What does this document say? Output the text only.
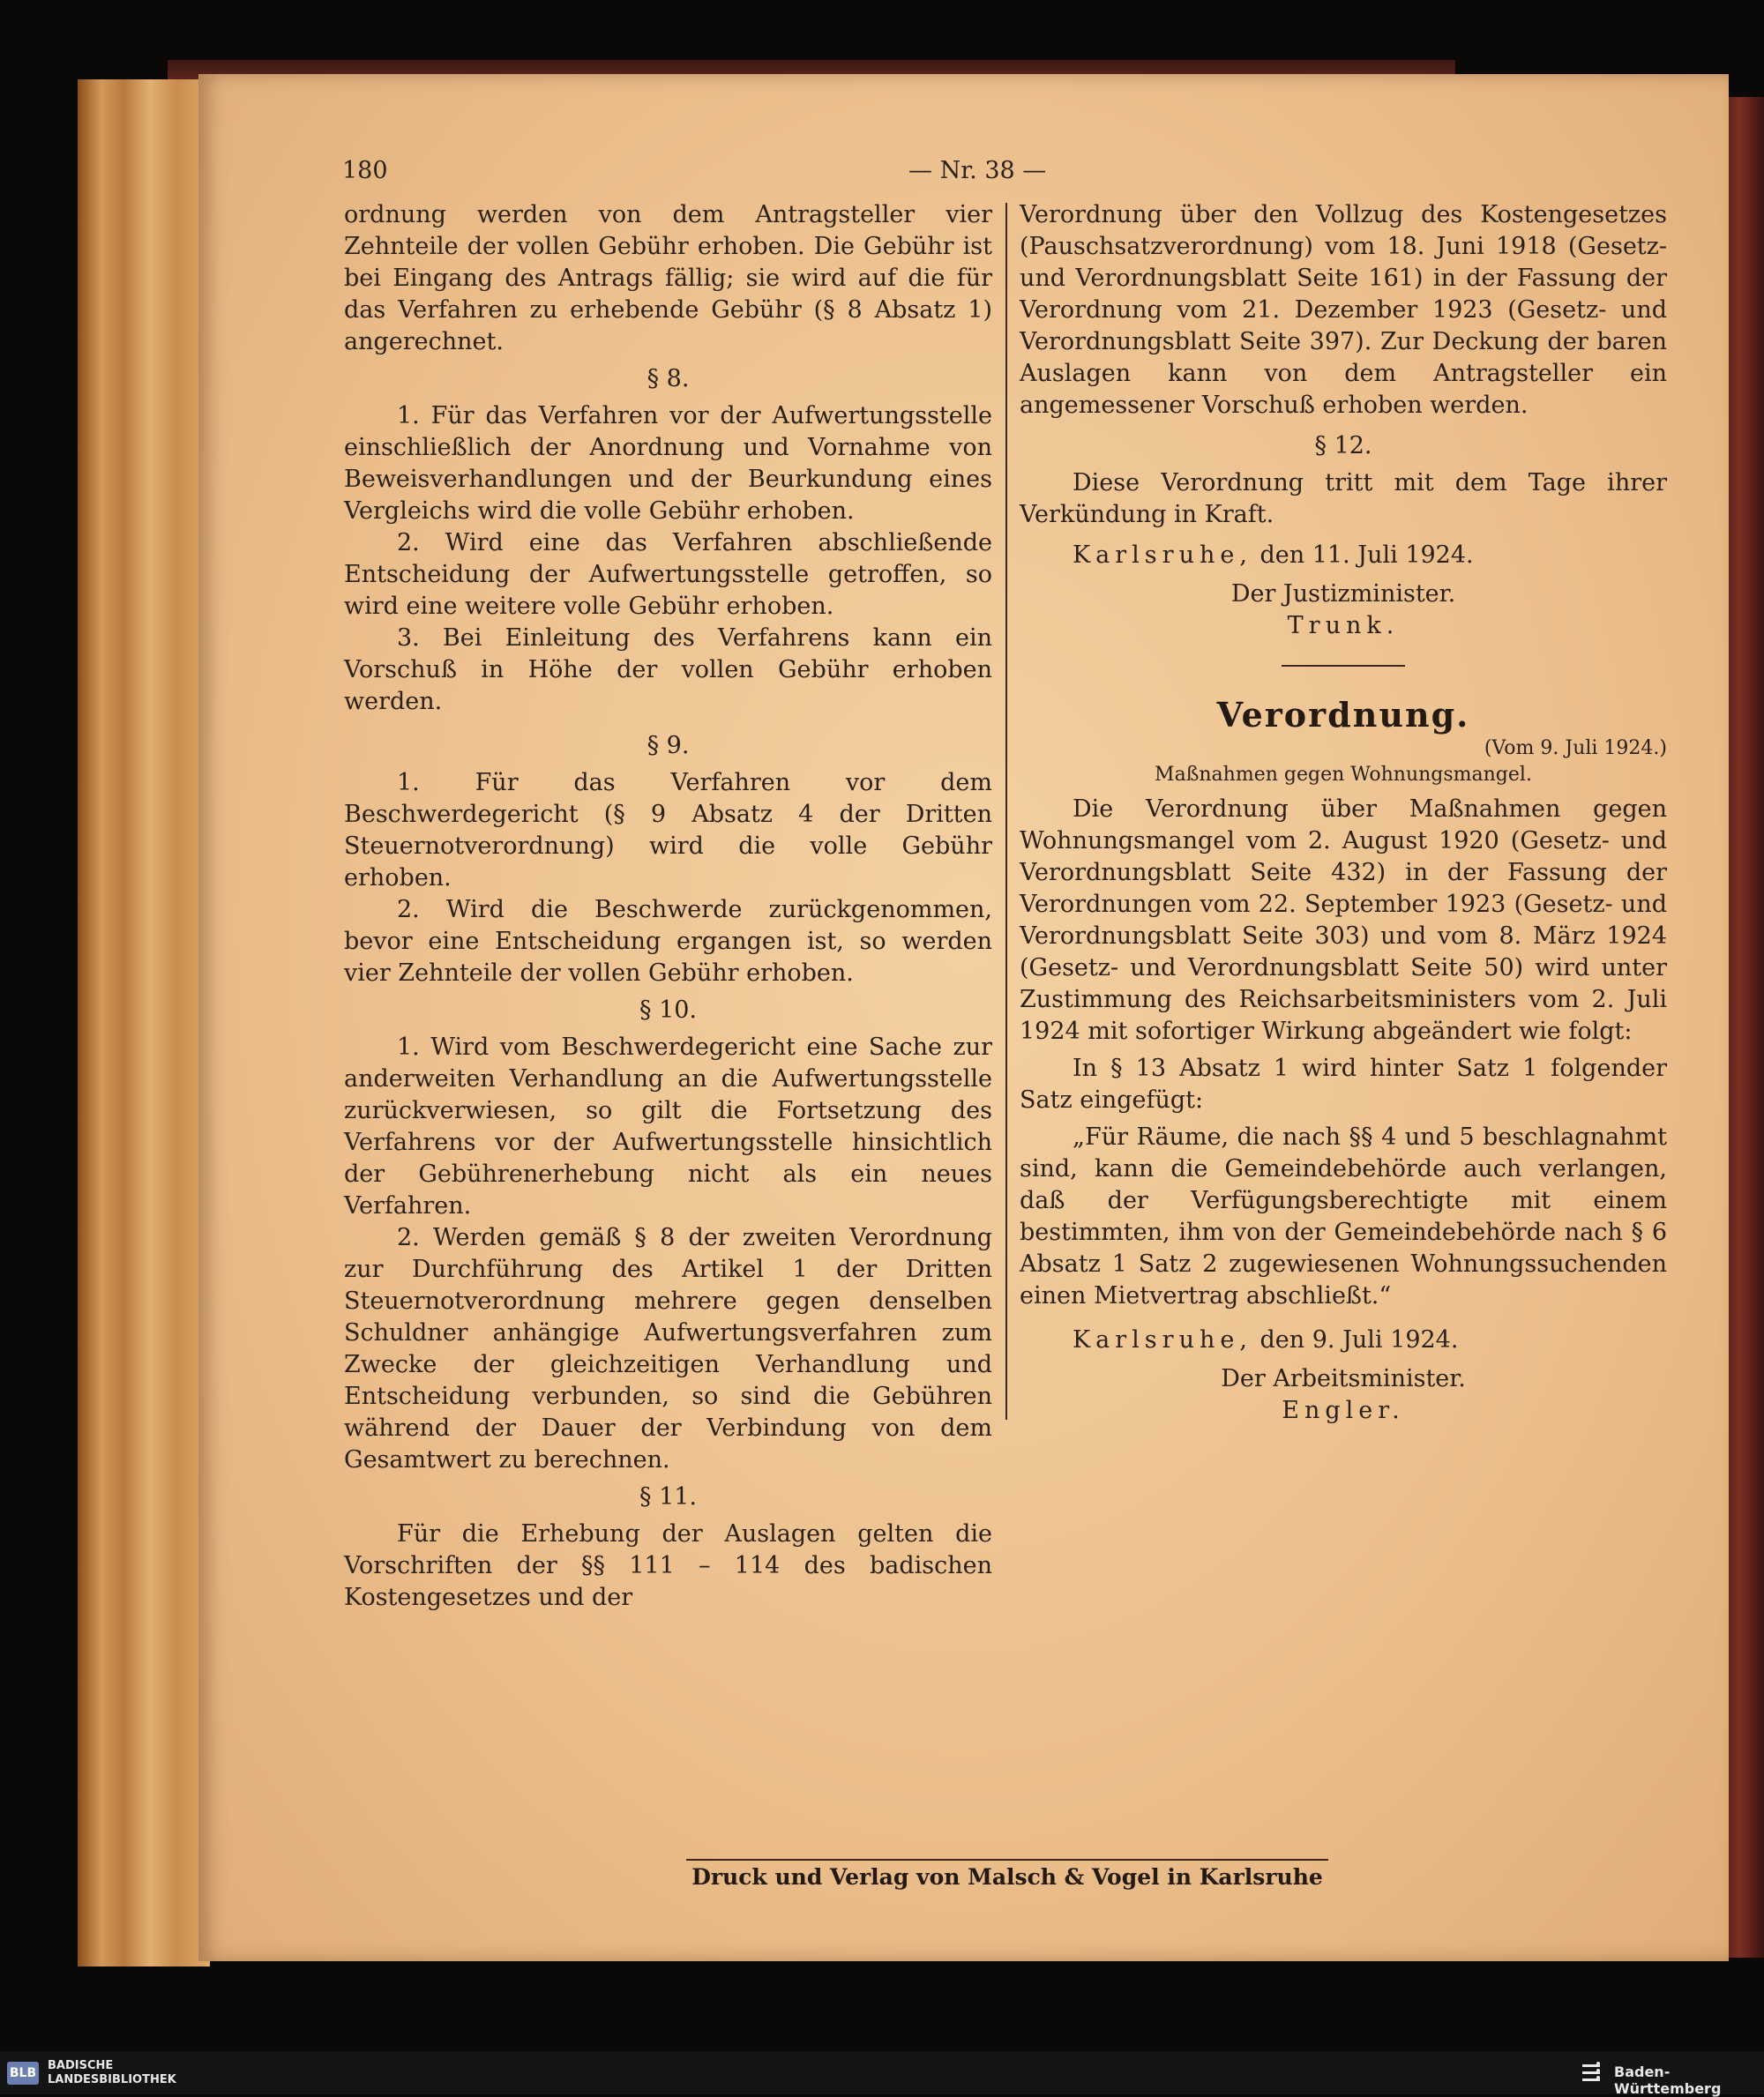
180	— Nr. 38 —

ordnung werden von dem Antragsteller vier Zehnteile der vollen Gebühr erhoben. Die Gebühr ist bei Eingang des Antrags fällig; sie wird auf die für das Verfahren zu erhebende Gebühr (§ 8 Absatz 1) angerechnet.

§ 8.

1. Für das Verfahren vor der Aufwertungsstelle einschließlich der Anordnung und Vornahme von Beweisverhandlungen und der Beurkundung eines Vergleichs wird die volle Gebühr erhoben.

2. Wird eine das Verfahren abschließende Entscheidung der Aufwertungsstelle getroffen, so wird eine weitere volle Gebühr erhoben.

3. Bei Einleitung des Verfahrens kann ein Vorschuß in Höhe der vollen Gebühr erhoben werden.

§ 9.

1. Für das Verfahren vor dem Beschwerdegericht (§ 9 Absatz 4 der Dritten Steuernotverordnung) wird die volle Gebühr erhoben.

2. Wird die Beschwerde zurückgenommen, bevor eine Entscheidung ergangen ist, so werden vier Zehnteile der vollen Gebühr erhoben.

§ 10.

1. Wird vom Beschwerdegericht eine Sache zur anderweiten Verhandlung an die Aufwertungsstelle zurückverwiesen, so gilt die Fortsetzung des Verfahrens vor der Aufwertungsstelle hinsichtlich der Gebührenerhebung nicht als ein neues Verfahren.

2. Werden gemäß § 8 der zweiten Verordnung zur Durchführung des Artikel 1 der Dritten Steuernotverordnung mehrere gegen denselben Schuldner anhängige Aufwertungsverfahren zum Zwecke der gleichzeitigen Verhandlung und Entscheidung verbunden, so sind die Gebühren während der Dauer der Verbindung von dem Gesamtwert zu berechnen.

§ 11.

Für die Erhebung der Auslagen gelten die Vorschriften der §§ 111 – 114 des badischen Kostengesetzes und der

Verordnung über den Vollzug des Kostengesetzes (Pauschsatzverordnung) vom 18. Juni 1918 (Gesetz- und Verordnungsblatt Seite 161) in der Fassung der Verordnung vom 21. Dezember 1923 (Gesetz- und Verordnungsblatt Seite 397). Zur Deckung der baren Auslagen kann von dem Antragsteller ein angemessener Vorschuß erhoben werden.

§ 12.

Diese Verordnung tritt mit dem Tage ihrer Verkündung in Kraft.

Karlsruhe, den 11. Juli 1924.

Der Justizminister.

Trunk.

Verordnung.

(Vom 9. Juli 1924.)

Maßnahmen gegen Wohnungsmangel.

Die Verordnung über Maßnahmen gegen Wohnungsmangel vom 2. August 1920 (Gesetz- und Verordnungsblatt Seite 432) in der Fassung der Verordnungen vom 22. September 1923 (Gesetz- und Verordnungsblatt Seite 303) und vom 8. März 1924 (Gesetz- und Verordnungsblatt Seite 50) wird unter Zustimmung des Reichsarbeitsministers vom 2. Juli 1924 mit sofortiger Wirkung abgeändert wie folgt:

In § 13 Absatz 1 wird hinter Satz 1 folgender Satz eingefügt:

„Für Räume, die nach §§ 4 und 5 beschlagnahmt sind, kann die Gemeindebehörde auch verlangen, daß der Verfügungsberechtigte mit einem bestimmten, ihm von der Gemeindebehörde nach § 6 Absatz 1 Satz 2 zugewiesenen Wohnungssuchenden einen Mietvertrag abschließt.“

Karlsruhe, den 9. Juli 1924.

Der Arbeitsminister.

Engler.

Druck und Verlag von Malsch & Vogel in Karlsruhe
BLB
BADISCHE
LANDESBIBLIOTHEK	Baden-Württemberg
